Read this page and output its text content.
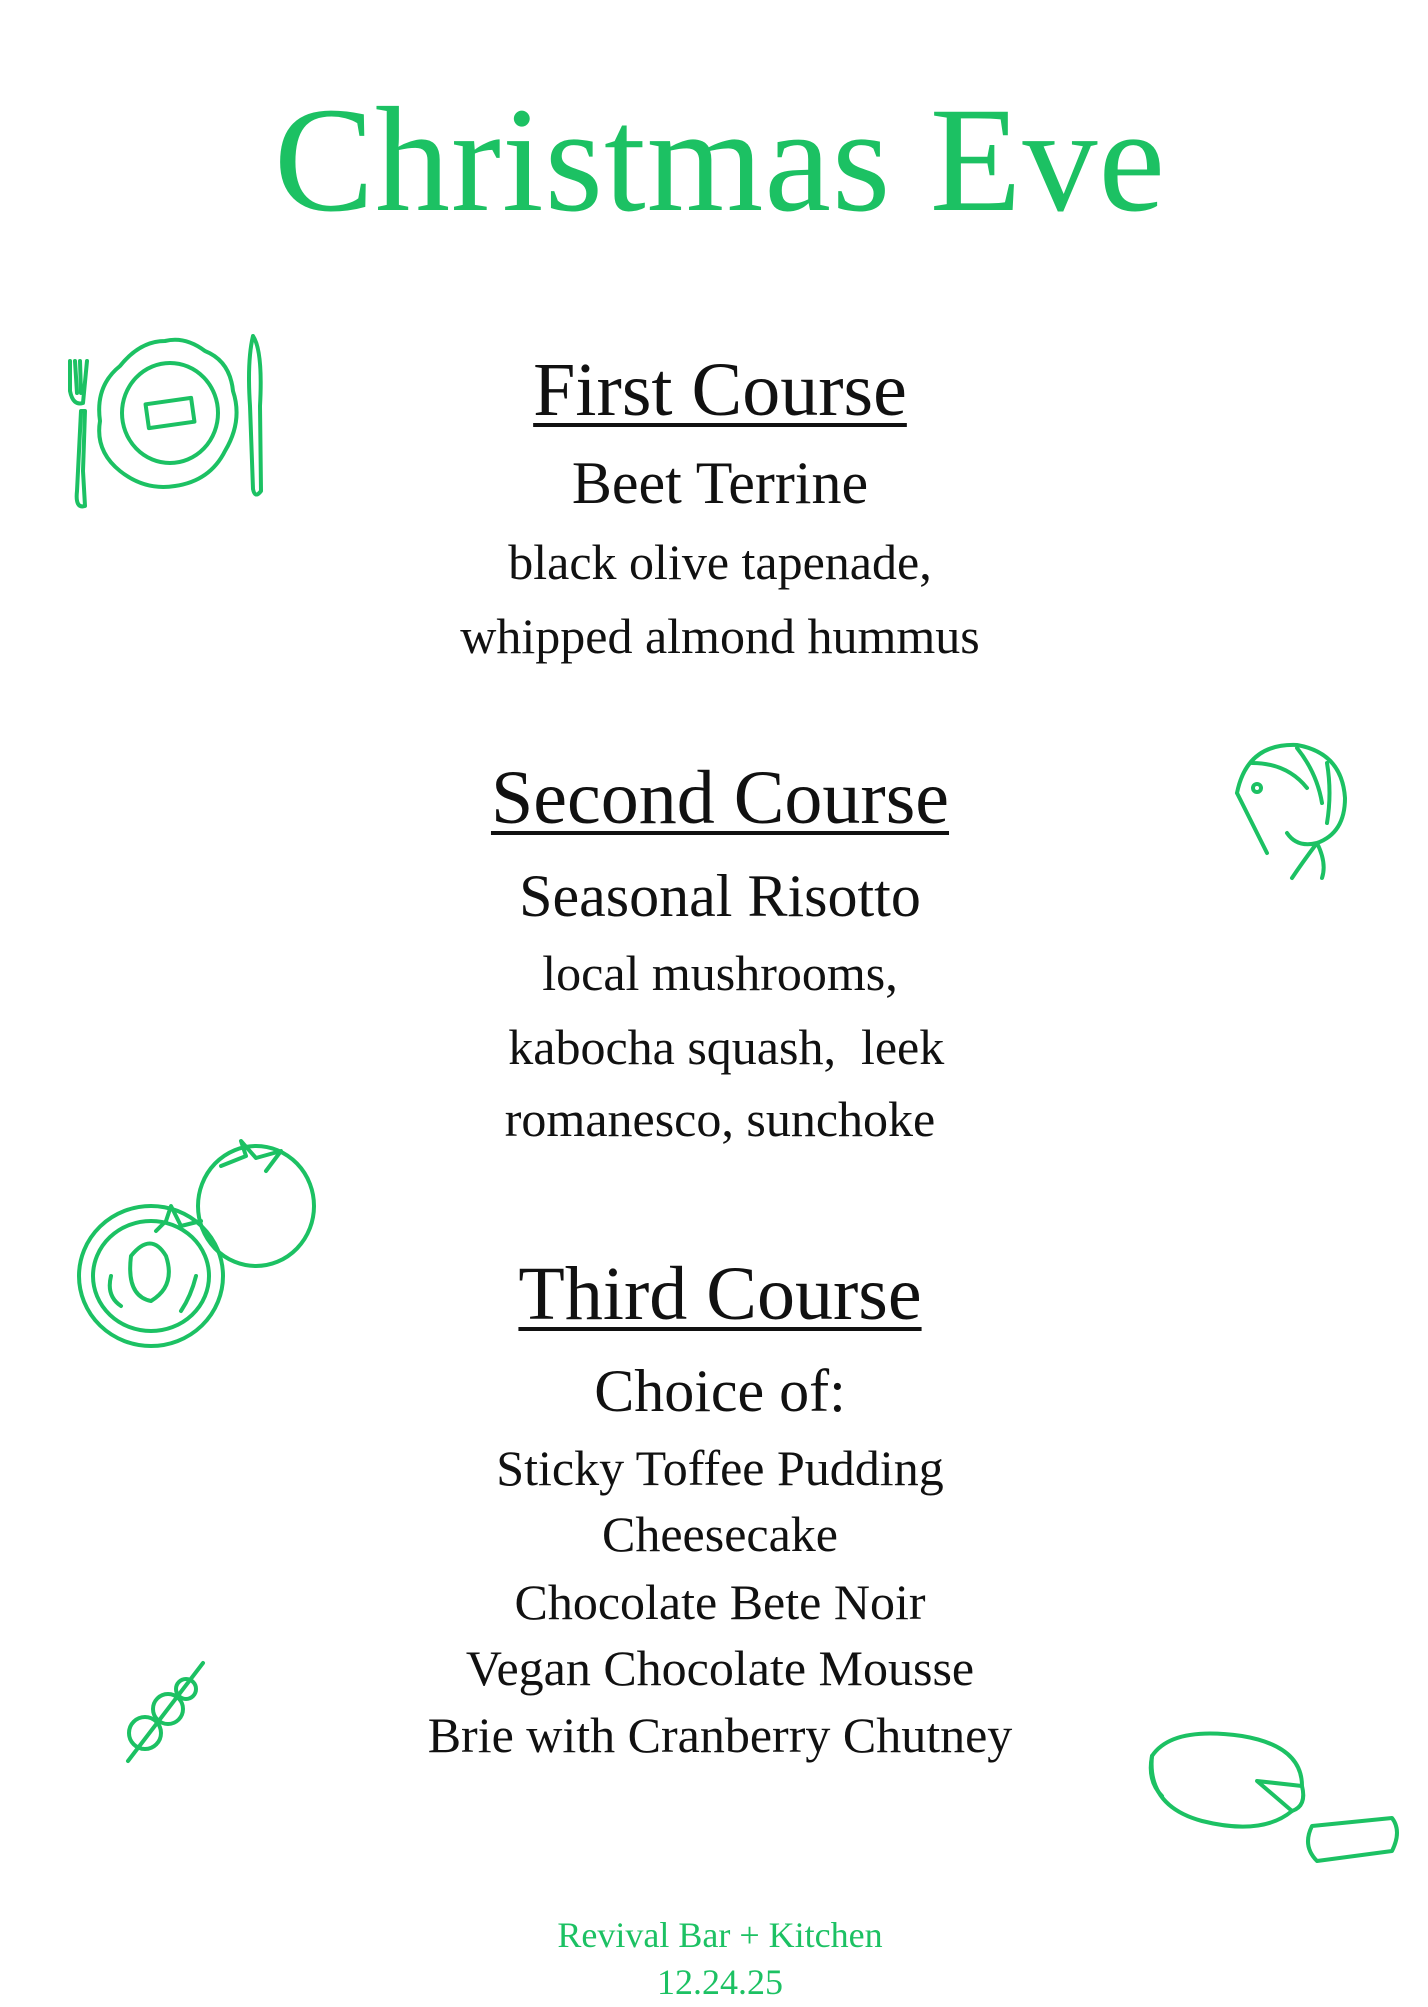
Christmas Eve
First Course
Beet Terrine
black olive tapenade,
whipped almond hummus
Second Course
Seasonal Risotto
local mushrooms,
kabocha squash,  leek
romanesco, sunchoke
Third Course
Choice of:
Sticky Toffee Pudding
Cheesecake
Chocolate Bete Noir
Vegan Chocolate Mousse
Brie with Cranberry Chutney
Revival Bar + Kitchen
12.24.25
